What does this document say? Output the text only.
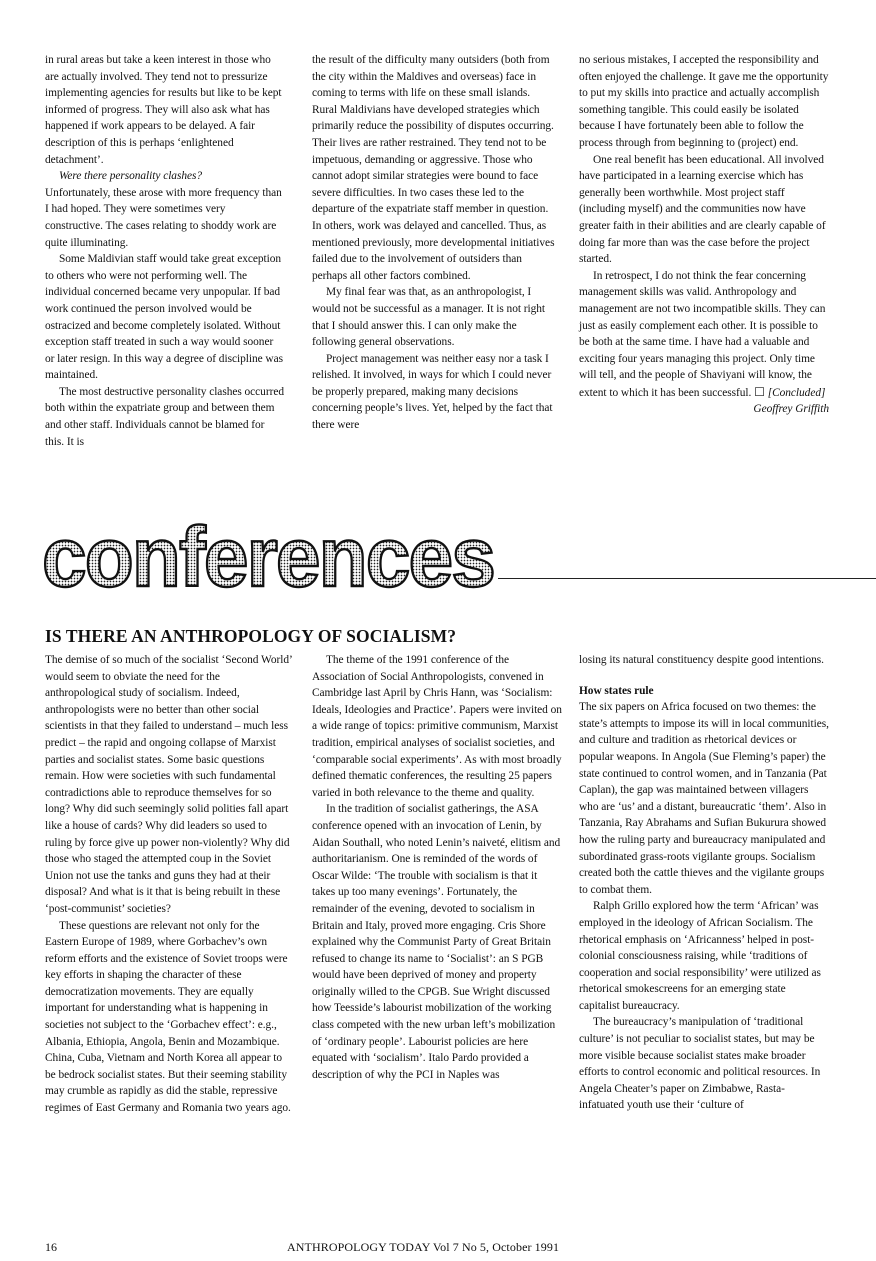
in rural areas but take a keen interest in those who are actually involved. They tend not to pressurize implementing agencies for results but like to be kept informed of progress. They will also ask what has happened if work appears to be delayed. A fair description of this is perhaps ‘enlightened detachment’.

Were there personality clashes?

Unfortunately, these arose with more frequency than I had hoped. They were sometimes very constructive. The cases relating to shoddy work are quite illuminating.

Some Maldivian staff would take great exception to others who were not performing well. The individual concerned became very unpopular. If bad work continued the person involved would be ostracized and become completely isolated. Without exception staff treated in such a way would sooner or later resign. In this way a degree of discipline was maintained.

The most destructive personality clashes occurred both within the expatriate group and between them and other staff. Individuals cannot be blamed for this. It is

the result of the difficulty many outsiders (both from the city within the Maldives and overseas) face in coming to terms with life on these small islands. Rural Maldivians have developed strategies which primarily reduce the possibility of disputes occurring. Their lives are rather restrained. They tend not to be impetuous, demanding or aggressive. Those who cannot adopt similar strategies were bound to face severe difficulties. In two cases these led to the departure of the expatriate staff member in question. In others, work was delayed and cancelled. Thus, as mentioned previously, more developmental initiatives failed due to the involvement of outsiders than perhaps all other factors combined.

My final fear was that, as an anthropologist, I would not be successful as a manager. It is not right that I should answer this. I can only make the following general observations.

Project management was neither easy nor a task I relished. It involved, in ways for which I could never be properly prepared, making many decisions concerning people’s lives. Yet, helped by the fact that there were

no serious mistakes, I accepted the responsibility and often enjoyed the challenge. It gave me the opportunity to put my skills into practice and actually accomplish something tangible. This could easily be isolated because I have fortunately been able to follow the process through from beginning to (project) end.

One real benefit has been educational. All involved have participated in a learning exercise which has generally been worthwhile. Most project staff (including myself) and the communities now have greater faith in their abilities and are clearly capable of doing far more than was the case before the project started.

In retrospect, I do not think the fear concerning management skills was valid. Anthropology and management are not two incompatible skills. They can just as easily complement each other. It is possible to be both at the same time. I have had a valuable and exciting four years managing this project. Only time will tell, and the people of Shaviyani will know, the extent to which it has been successful. ☐ [Concluded]

Geoffrey Griffith

conferences
IS THERE AN ANTHROPOLOGY OF SOCIALISM?

The demise of so much of the socialist ‘Second World’ would seem to obviate the need for the anthropological study of socialism. Indeed, anthropologists were no better than other social scientists in that they failed to understand – much less predict – the rapid and ongoing collapse of Marxist parties and socialist states. Some basic questions remain. How were societies with such fundamental contradictions able to reproduce themselves for so long? Why did such seemingly solid polities fall apart like a house of cards? Why did leaders so used to ruling by force give up power non-violently? Why did those who staged the attempted coup in the Soviet Union not use the tanks and guns they had at their disposal? And what is it that is being rebuilt in these ‘post-communist’ societies?

These questions are relevant not only for the Eastern Europe of 1989, where Gorbachev’s own reform efforts and the existence of Soviet troops were key efforts in shaping the character of these democratization movements. They are equally important for understanding what is happening in societies not subject to the ‘Gorbachev effect’: e.g., Albania, Ethiopia, Angola, Benin and Mozambique. China, Cuba, Vietnam and North Korea all appear to be bedrock socialist states. But their seeming stability may crumble as rapidly as did the stable, repressive regimes of East Germany and Romania two years ago.

The theme of the 1991 conference of the Association of Social Anthropologists, convened in Cambridge last April by Chris Hann, was ‘Socialism: Ideals, Ideologies and Practice’. Papers were invited on a wide range of topics: primitive communism, Marxist tradition, empirical analyses of socialist societies, and ‘comparable social experiments’. As with most broadly defined thematic conferences, the resulting 25 papers varied in both relevance to the theme and quality.

In the tradition of socialist gatherings, the ASA conference opened with an invocation of Lenin, by Aidan Southall, who noted Lenin’s naiveté, elitism and authoritarianism. One is reminded of the words of Oscar Wilde: ‘The trouble with socialism is that it takes up too many evenings’. Fortunately, the remainder of the evening, devoted to socialism in Britain and Italy, proved more engaging. Cris Shore explained why the Communist Party of Great Britain refused to change its name to ‘Socialist’: an S PGB would have been deprived of money and property originally willed to the CPGB. Sue Wright discussed how Teesside’s labourist mobilization of the working class competed with the new urban left’s mobilization of ‘ordinary people’. Labourist policies are here equated with ‘socialism’. Italo Pardo provided a description of why the PCI in Naples was

losing its natural constituency despite good intentions.

How states rule

The six papers on Africa focused on two themes: the state’s attempts to impose its will in local communities, and culture and tradition as rhetorical devices or popular weapons. In Angola (Sue Fleming’s paper) the state continued to control women, and in Tanzania (Pat Caplan), the gap was maintained between villagers who are ‘us’ and a distant, bureaucratic ‘them’. Also in Tanzania, Ray Abrahams and Sufian Bukurura showed how the ruling party and bureaucracy manipulated and subordinated grass-roots vigilante groups. Socialism created both the cattle thieves and the vigilante groups to combat them.

Ralph Grillo explored how the term ‘African’ was employed in the ideology of African Socialism. The rhetorical emphasis on ‘Africanness’ helped in post-colonial consciousness raising, while ‘traditions of cooperation and social responsibility’ were utilized as rhetorical smokescreens for an emerging state capitalist bureaucracy.

The bureaucracy’s manipulation of ‘traditional culture’ is not peculiar to socialist states, but may be more visible because socialist states make broader efforts to control economic and political resources. In Angela Cheater’s paper on Zimbabwe, Rasta-infatuated youth use their ‘culture of

16	ANTHROPOLOGY TODAY Vol 7 No 5, October 1991
